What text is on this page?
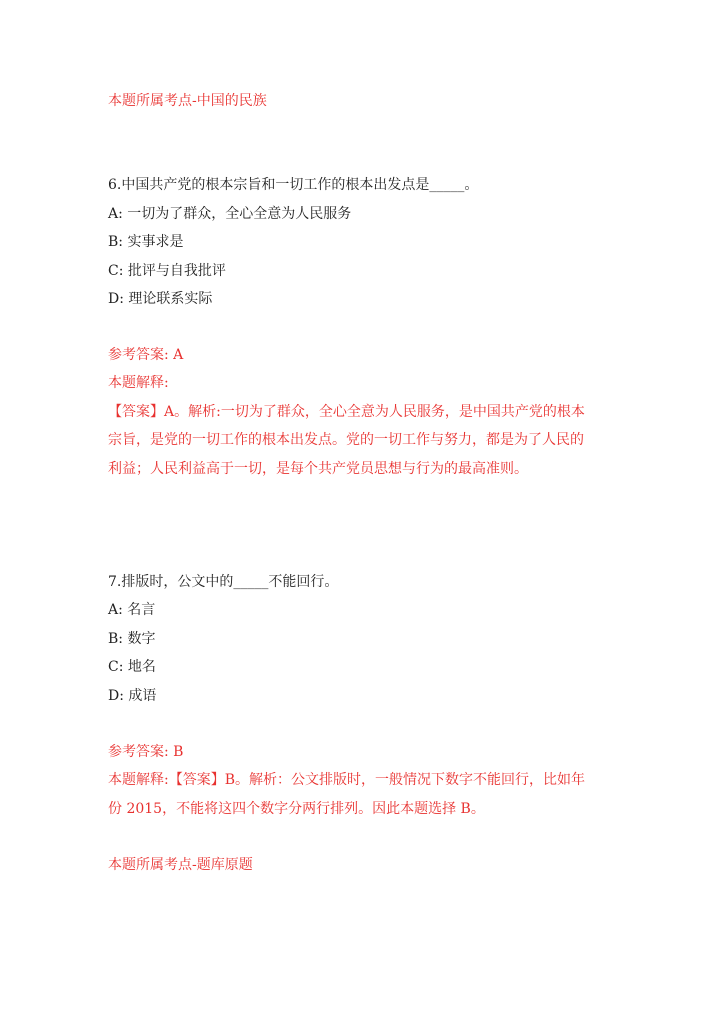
本题所属考点-中国的民族
6.中国共产党的根本宗旨和一切工作的根本出发点是_____。
A: 一切为了群众，全心全意为人民服务
B: 实事求是
C: 批评与自我批评
D: 理论联系实际
参考答案: A
本题解释:
【答案】A。解析:一切为了群众，全心全意为人民服务，是中国共产党的根本
宗旨，是党的一切工作的根本出发点。党的一切工作与努力，都是为了人民的
利益；人民利益高于一切，是每个共产党员思想与行为的最高准则。
7.排版时，公文中的_____不能回行。
A: 名言
B: 数字
C: 地名
D: 成语
参考答案: B
本题解释:【答案】B。解析：公文排版时，一般情况下数字不能回行，比如年
份 2015，不能将这四个数字分两行排列。因此本题选择 B。
本题所属考点-题库原题
